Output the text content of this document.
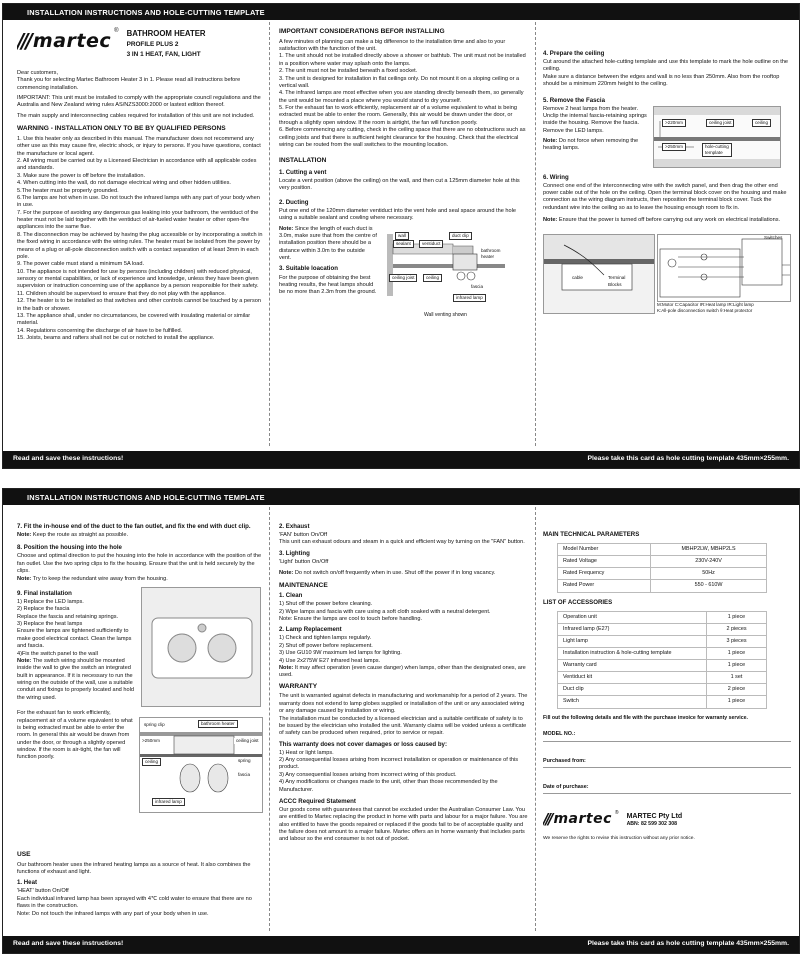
INSTALLATION INSTRUCTIONS AND HOLE-CUTTING TEMPLATE
/// martec ® BATHROOM HEATER
PROFILE PLUS 2
3 IN 1 HEAT, FAN, LIGHT

Dear customers,

Thank you for selecting Martec Bathroom Heater 3 in 1. Please read all instructions before commencing installation.

IMPORTANT: This unit must be installed to comply with the appropriate council regulations and the Australia and New Zealand wiring rules AS/NZS3000:2000 or lastest edition thereof.

The main supply and interconnecting cables required for installation of this unit are not included.

WARNING - INSTALLATION ONLY TO BE BY QUALIFIED PERSONS

1. Use this heater only as described in this manual. The manufacturer does not recommend any other use as this may cause fire, electric shock, or injury to persons. If you have questions, contact the manufacture or local agent.

2. All wiring must be carried out by a Licensed Electrician in accordance with all applicable codes and standards.

3. Make sure the power is off before the installation.

4. When cutting into the wall, do not damage electrical wiring and other hidden utilities.

5.The heater must be properly grounded.

6.The lamps are hot when in use. Do not touch the infrared lamps with any part of your body when in use.

7. For the purpose of avoiding any dangerous gas leaking into your bathroom, the ventiduct of the heater must not be laid together with the ventiduct of air-fueled water heater or other open-fire appliances into the same flue.

8. The disconnection may be achieved by having the plug accessible or by incorporating a switch in the fixed wiring in accordance with the wiring rules. The heater must be isolated from the power by means of a plug or all-pole disconnection switch with a contact separation of at least 3mm in each pole.

9. The power cable must stand a minimum 5A load.

10. The appliance is not intended for use by persons (including children) with reduced physical, sensory or mental capabilities, or lack of experience and knowledge, unless they have been given supervision or instruction concerning use of the appliance by a person responsible for their safety.

11. Children should be supervised to ensure that they do not play with the appliance.

12. The heater is to be installed so that switches and other controls cannot be touched by a person in the bath or shower.

13. The appliance shall, under no circumstances, be covered with insulating material or similar material.

14. Regulations concerning the discharge of air have to be fulfilled.

15. Joists, beams and rafters shall not be cut or notched to install the appliance.

IMPORTANT CONSIDERATIONS BEFOR INSTALLING

A few minutes of planning can make a big difference to the installation time and also to your satisfaction with the function of the unit.

1. The unit should not be installed directly above a shower or bathtub. The unit must not be installed in a position where water may splash onto the lamps.

2. The unit must not be installed beneath a fixed socket.

3. The unit is designed for installation in flat ceilings only. Do not mount it on a sloping ceiling or a vertical wall.

4. The infrared lamps are most effective when you are standing directly beneath them, so generally the unit would be mounted a place where you would stand to dry yourself.

5. For the exhaust fan to work efficiently, replacement air of a volume equivalent to what is being extracted must be able to enter the room. Generally, this air would be drawn under the door, or through a slightly open window. If the room is airtight, the fan will function poorly.

6. Before commencing any cutting, check in the ceiling space that there are no obstructions such as ceiling joists and that there is sufficient height clearance for the housing. Check that the electrical wiring can be routed from the wall switches to the mounting location.

INSTALLATION
1. Cutting a vent

Locate a vent position (above the ceiling) on the wall, and then cut a 125mm diameter hole at this very position.

2. Ducting

Put one end of the 120mm diameter ventiduct into the vent hole and seal space around the hole using a suitable sealant and cowling where necessary.

Note: Since the length of each duct is 3.0m, make sure that from the centre of installation position there should be a distance within 3.0m to the outside vent.

3. Suitable loacation

For the purpose of obtaining the best heating results, the heat lamps should be no more than 2.3m from the ground.

wall	duct clip
sealant	ventiduct
bathroom heater
ceiling joist	ceiling
fascia
infrared lamp
Wall venting shown
4. Prepare the ceiling

Cut around the attached hole-cutting template and use this template to mark the hole outline on the ceiling.

Make sure a distance between the edges and wall is no less than 250mm. Also from the rooftop should be a minimum 220mm height to the ceiling.

5. Remove the Fascia

Remove 2 heat lamps from the heater. Unclip the internal fascia-retaining springs inside the housing. Remove the fascia. Remove the LED lamps.

Note: Do not force when removing the heating lamps.

>220mm	ceiling joist	ceiling
>250mm	hole-cutting template
6. Wiring

Connect one end of the interconnecting wire with the switch panel, and then drag the other end power cable out of the hole on the ceiling. Open the terminal block cover on the housing and make connection as the wiring diagram instructs, then reposition the terminal block cover. Tuck the redundant wire into the ceiling so as to leave the housing enough room to fix in.

Note: Ensure that the power is turned off before carrying out any work on electrical installations.

cable	Terminal Blocks
Switches
M:Motor C:Capacitor IR:Heat lamp IR:Light lamp
K:All-pole disconnection switch ϑ:Heat protector
Read and save these instructions!	Please take this card as hole cutting template 435mm×255mm.
INSTALLATION INSTRUCTIONS AND HOLE-CUTTING TEMPLATE
7. Fit the in-house end of the duct to the fan outlet, and fix the end with duct clip.

Note: Keep the route as straight as possible.

8. Position the housing into the hole

Choose and optimal direction to put the housing into the hole in accordance with the position of the fan outlet. Use the two spring clips to fix the housing. Ensure that the unit is held securely by the clips.

Note: Try to keep the redundant wire away from the housing.

9. Final installation

1) Replace the LED lamps.

2) Replace the fascia

Replace the fascia and retaining springs.

3) Replace the heat lamps

Ensure the lamps are tightened sufficiently to make good electrical contact. Clean the lamps and fascia.

4)Fix the switch panel to the wall

Note: The switch wiring should be mounted inside the wall to give the switch an integrated built in appearance. If it is necessary to run the wiring on the outside of the wall, use a suitable conduit and fixings to properly located and hold the wiring used.

For the exhaust fan to work efficiently, replacement air of a volume equivalent to what is being extracted must be able to enter the room. In general this air would be drawn from under the door, or through a slightly opened window. If the room is air-tight, the fan will function poorly.

spring clip	bathroom heater
>250mm	ceiling joist
ceiling	spring
fascia
infrared lamp
USE

Our bathroom heater uses the infrared heating lamps as a source of heat. It also combines the functions of exhaust and light.

1. Heat

'HEAT' button On/Off

Each individual infrared lamp has been sprayed with 4℃ cold water to ensure that there are no flaws in the construction.

Note: Do not touch the infrared lamps with any part of your body when in use.

2. Exhaust

'FAN' button On/Off

This unit can exhaust odours and steam in a quick and efficient way by turning on the "FAN" button.

3. Lighting

'Light' button On/Off

Note: Do not switch on/off frequently when in use. Shut off the power if in long vacancy.

MAINTENANCE
1. Clean

1) Shut off the power before cleaning.

2) Wipe lamps and fascia with care using a soft cloth soaked with a neutral detergent.

Note: Ensure the lamps are cool to touch before handling.

2. Lamp Replacement

1) Check and tighten lamps regularly.

2) Shut off power before replacement.

3) Use GU10 9W maximum led lamps for lighting.

4) Use 2x275W E27 infrared heat lamps.

Note: It may affect operation (even cause danger) when lamps, other than the designated ones, are used.

WARRANTY

The unit is warranted against defects in manufacturing and workmanship for a period of 2 years. The warranty does not extend to lamp globes supplied or installation of the unit or any associated wiring or any damage caused by installation or wiring.

The installation must be conducted by a licensed electrician and a suitable certificate of safety is to be issued by the electrician who installed the unit. Warranty claims will be voided unless a certificate of safety can be produced when required, prior to service or repair.

This warranty does not cover damages or loss caused by:

1) Heat or light lamps.

2) Any consequential losses arising from incorrect installation or operation or maintenance of this product.

3) Any consequential losses arising from incorrect wiring of this product.

4) Any modifications or changes made to the unit, other than those recommended by the Manufacturer.

ACCC Required Statement

Our goods come with guarantees that cannot be excluded under the Australian Consumer Law. You are entitled to Martec replacing the product in home with parts and labour for a major failure. You are also entitled to have the goods repaired or replaced if the goods fail to be of acceptable quality and the failure does not amount to a major failure. Martec offers an in home warranty that includes parts and labour so the end consumer is not out of pocket.

MAIN TECHNICAL PARAMETERS
Model Number	MBHP2LW, MBHP2LS
Rated Voltage	230V-240V
Rated Frequency	50Hz
Rated Power	550 - 610W
LIST OF ACCESSORIES
Operation unit	1 piece
Infrared lamp (E27)	2 pieces
Light lamp	3 pieces
Installation instruction & hole-cutting template	1 piece
Warranty card	1 piece
Ventiduct kit	1 set
Duct clip	2 piece
Switch	1 piece

Fill out the following details and file with the purchase invoice for warranty service.

MODEL NO.:
Purchased from:
Date of purchase:
/// martec ® MARTEC Pty Ltd
ABN: 82 599 302 308

We reserve the rights to revise this instruction without any prior notice.

Read and save these instructions!	Please take this card as hole cutting template 435mm×255mm.
